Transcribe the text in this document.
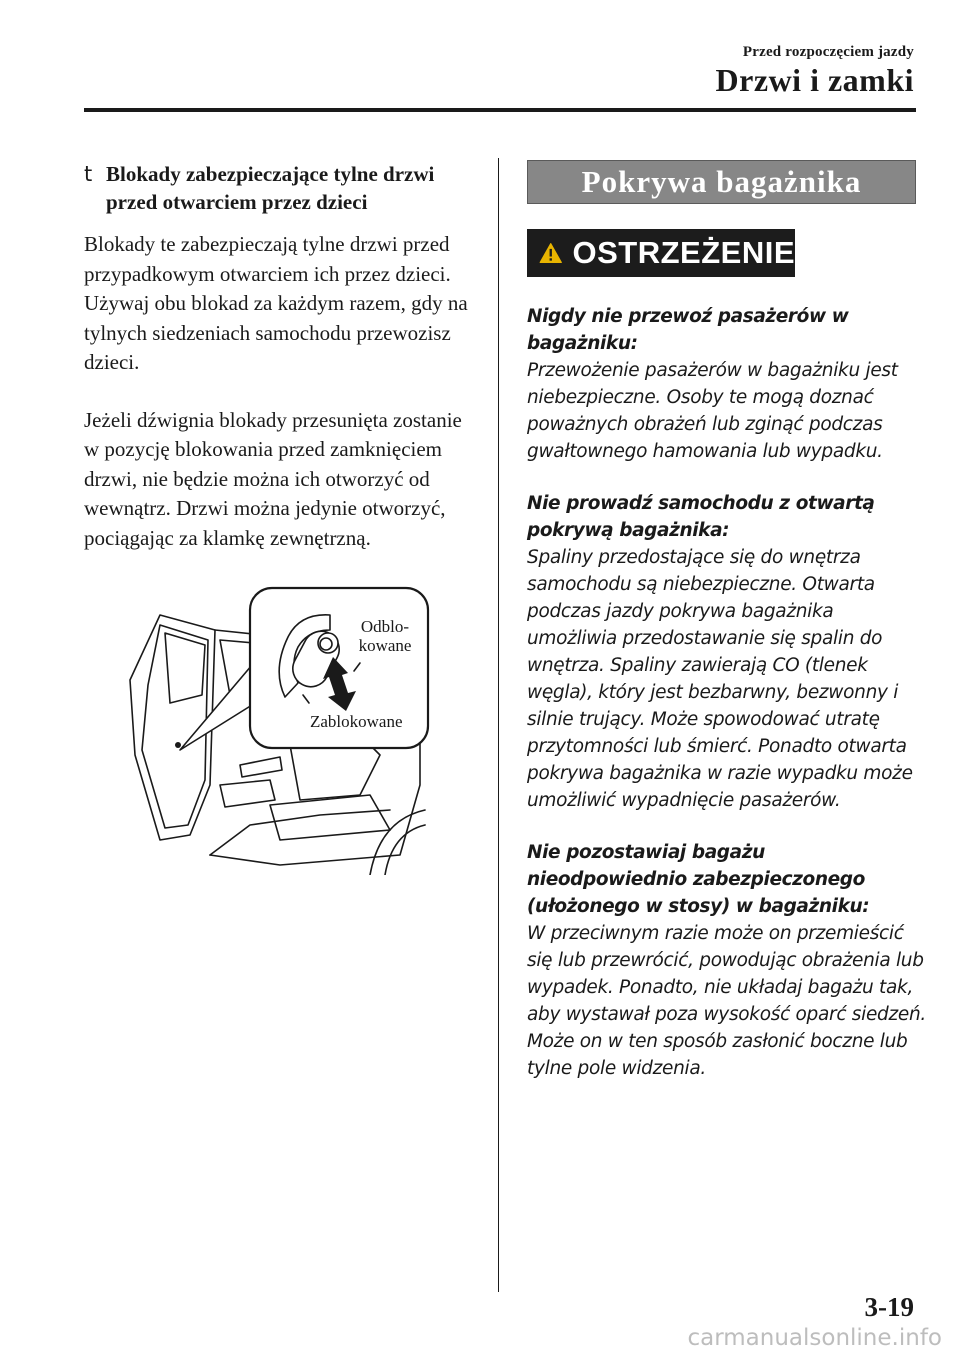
Przed rozpoczęciem jazdy
Drzwi i zamki
t Blokady zabezpieczające tylne drzwi przed otwarciem przez dzieci

Blokady te zabezpieczają tylne drzwi przed przypadkowym otwarciem ich przez dzieci. Używaj obu blokad za każdym razem, gdy na tylnych siedzeniach samochodu przewozisz dzieci.

Jeżeli dźwignia blokady przesunięta zostanie w pozycję blokowania przed zamknięciem drzwi, nie będzie można ich otworzyć od wewnątrz. Drzwi można jedynie otworzyć, pociągając za klamkę zewnętrzną.

Odblo-
kowane
Zablokowane
Pokrywa bagażnika
OSTRZEŻENIE
Nigdy nie przewoź pasażerów w bagażniku:
Przewożenie pasażerów w bagażniku jest niebezpieczne. Osoby te mogą doznać poważnych obrażeń lub zginąć podczas gwałtownego hamowania lub wypadku.
Nie prowadź samochodu z otwartą pokrywą bagażnika:
Spaliny przedostające się do wnętrza samochodu są niebezpieczne. Otwarta podczas jazdy pokrywa bagażnika umożliwia przedostawanie się spalin do wnętrza. Spaliny zawierają CO (tlenek węgla), który jest bezbarwny, bezwonny i silnie trujący. Może spowodować utratę przytomności lub śmierć. Ponadto otwarta pokrywa bagażnika w razie wypadku może umożliwić wypadnięcie pasażerów.
Nie pozostawiaj bagażu nieodpowiednio zabezpieczonego (ułożonego w stosy) w bagażniku:
W przeciwnym razie może on przemieścić się lub przewrócić, powodując obrażenia lub wypadek. Ponadto, nie układaj bagażu tak, aby wystawał poza wysokość oparć siedzeń. Może on w ten sposób zasłonić boczne lub tylne pole widzenia.
3-19
carmanualsonline.info
